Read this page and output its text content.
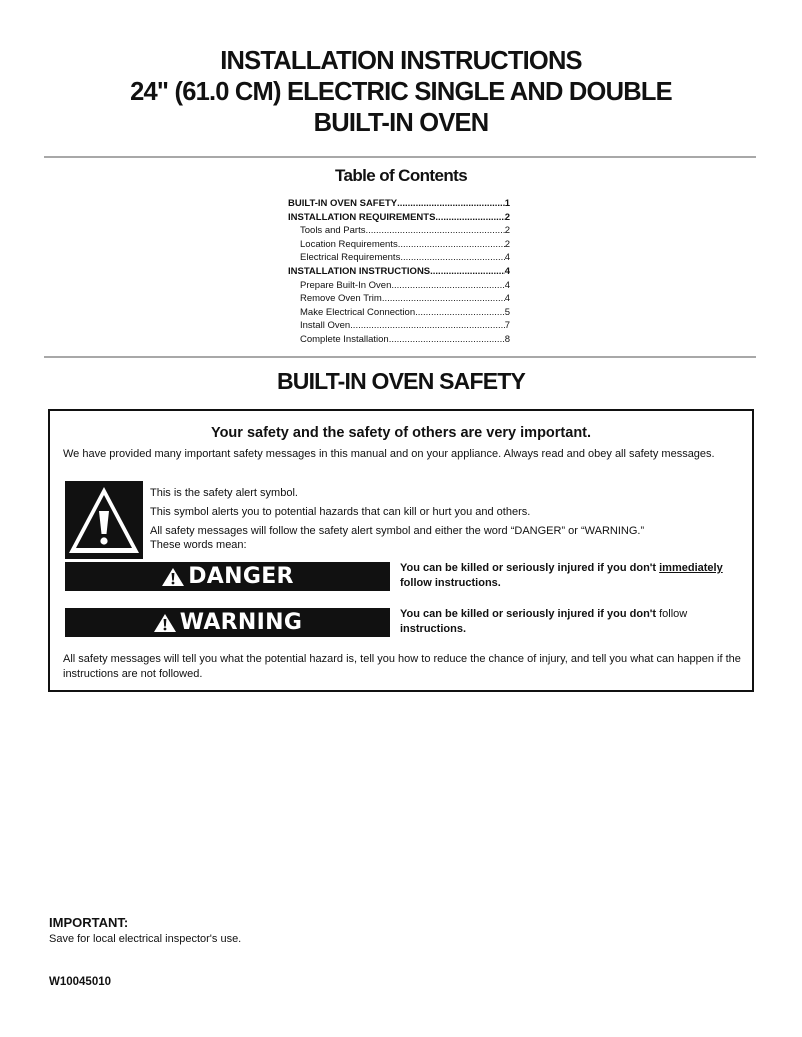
INSTALLATION INSTRUCTIONS
24" (61.0 CM) ELECTRIC SINGLE AND DOUBLE
BUILT-IN OVEN
Table of Contents
BUILT-IN OVEN SAFETY .....	1
INSTALLATION REQUIREMENTS .....	2
Tools and Parts .....	2
Location Requirements .....	2
Electrical Requirements .....	4
INSTALLATION INSTRUCTIONS .....	4
Prepare Built-In Oven .....	4
Remove Oven Trim .....	4
Make Electrical Connection .....	5
Install Oven .....	7
Complete Installation .....	8
BUILT-IN OVEN SAFETY
Your safety and the safety of others are very important.
We have provided many important safety messages in this manual and on your appliance. Always read and obey all safety messages.
This is the safety alert symbol.
This symbol alerts you to potential hazards that can kill or hurt you and others.
All safety messages will follow the safety alert symbol and either the word “DANGER” or “WARNING.”
These words mean:
DANGER	You can be killed or seriously injured if you don't immediately
follow instructions.
WARNING	You can be killed or seriously injured if you don't follow
instructions.
All safety messages will tell you what the potential hazard is, tell you how to reduce the chance of injury, and tell you what can happen if the instructions are not followed.
IMPORTANT:
Save for local electrical inspector's use.
W10045010
